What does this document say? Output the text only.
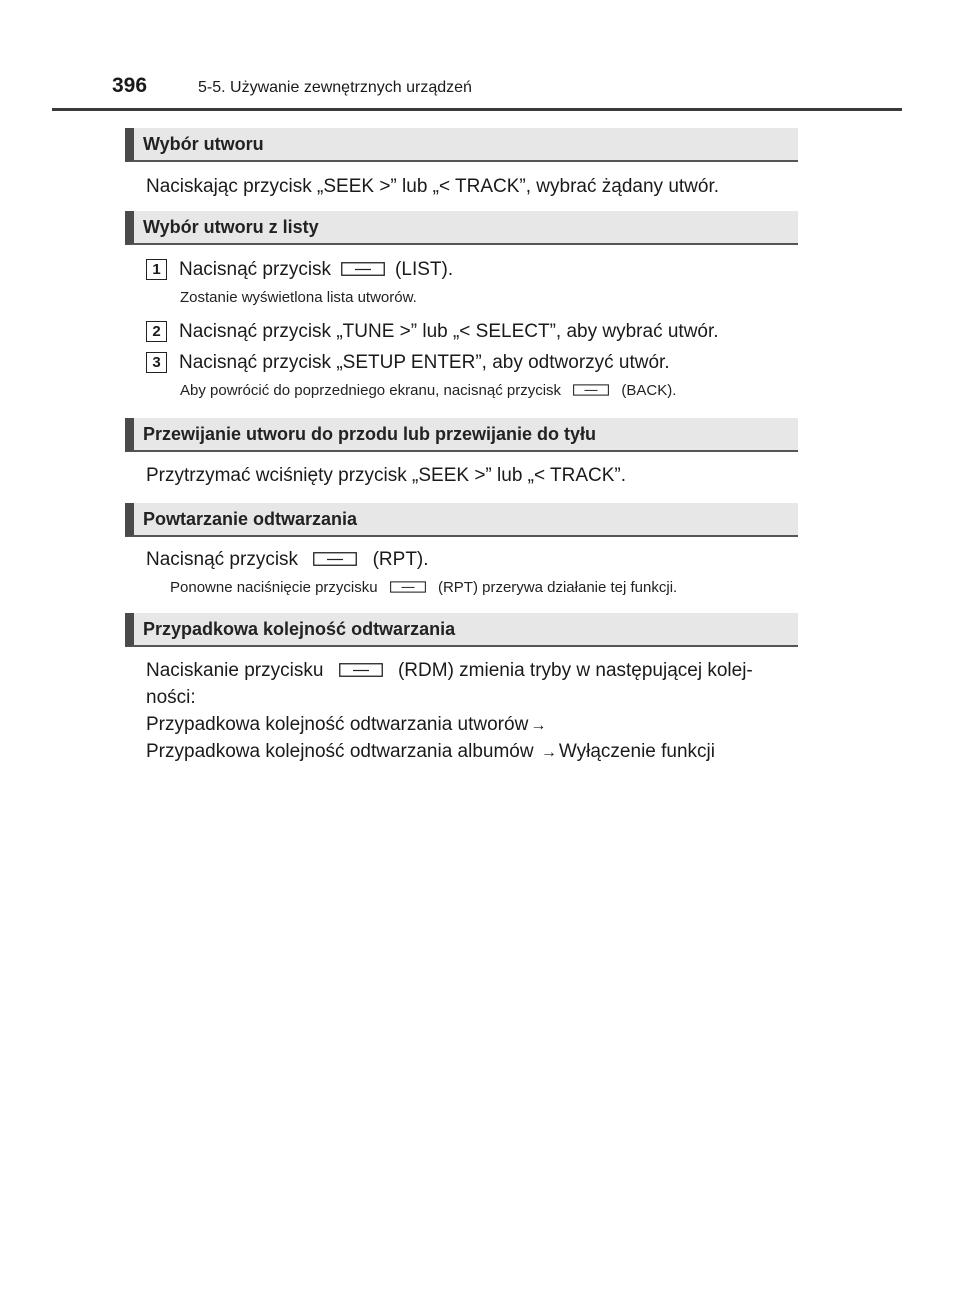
396	5-5. Używanie zewnętrznych urządzeń
Wybór utworu
Naciskając przycisk „SEEK >” lub „< TRACK”, wybrać żądany utwór.
Wybór utworu z listy
1 Nacisnąć przycisk	(LIST).
Zostanie wyświetlona lista utworów.
2 Nacisnąć przycisk „TUNE >” lub „< SELECT”, aby wybrać utwór.
3 Nacisnąć przycisk „SETUP ENTER”, aby odtworzyć utwór.
Aby powrócić do poprzedniego ekranu, nacisnąć przycisk	(BACK).
Przewijanie utworu do przodu lub przewijanie do tyłu
Przytrzymać wciśnięty przycisk „SEEK >” lub „< TRACK”.
Powtarzanie odtwarzania
Nacisnąć przycisk	(RPT).
Ponowne naciśnięcie przycisku	(RPT) przerywa działanie tej funkcji.
Przypadkowa kolejność odtwarzania
Naciskanie przycisku	(RDM) zmienia tryby w następującej kolej-
ności:
Przypadkowa kolejność odtwarzania utworów →
Przypadkowa kolejność odtwarzania albumów → Wyłączenie funkcji
